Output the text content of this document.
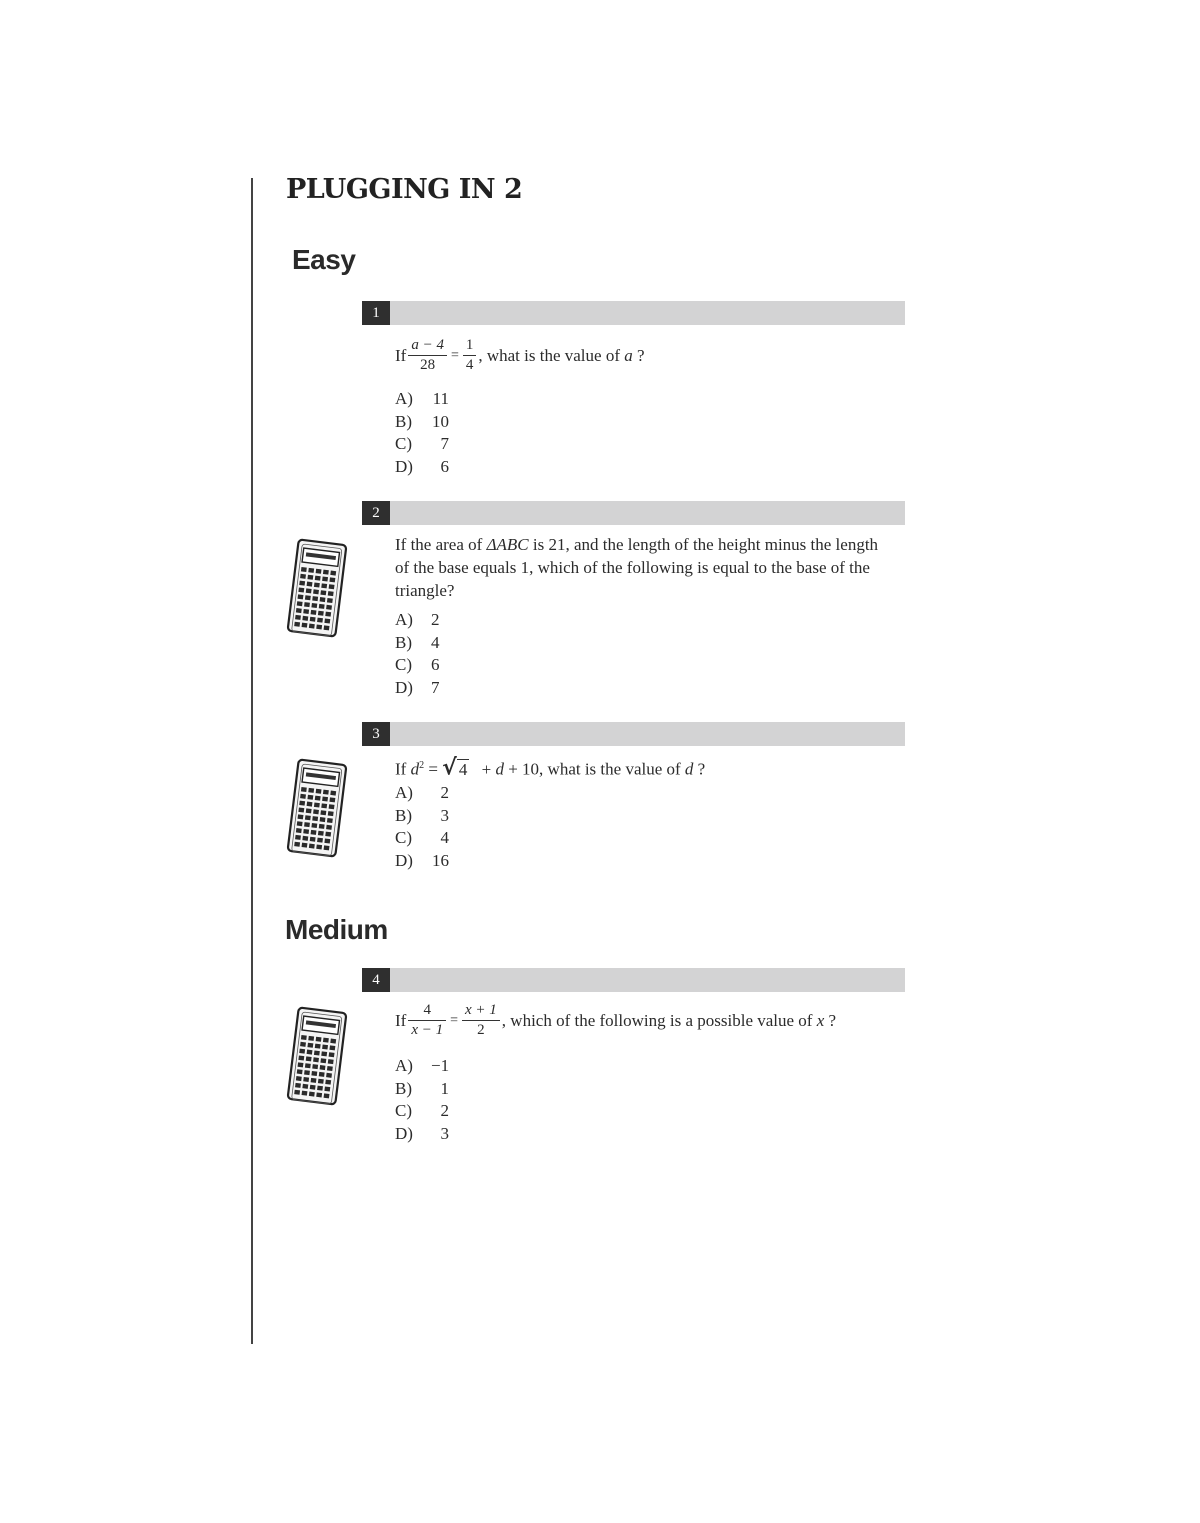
PLUGGING IN 2
Easy
1
If $\frac{a - 4}{28} = \frac{1}{4}$ , what is the value of
a
?
A)	11
B)	10
C)	7
D)	6
2
If the area of ΔABC is 21, and the length of the height minus the length of the base equals 1, which of the following is equal to the base of the triangle?
A)	2
B)	4
C)	6
D)	7
3
If $d^2$ = √ 4 + d + 10, what is the value of d ?
A)	2
B)	3
C)	4
D)	16
Medium
4
If $\frac{4}{x - 1} = \frac{x + 1}{2}$ , which of the following is a possible value of
x
?
A)	−1
B)	1
C)	2
D)	3
